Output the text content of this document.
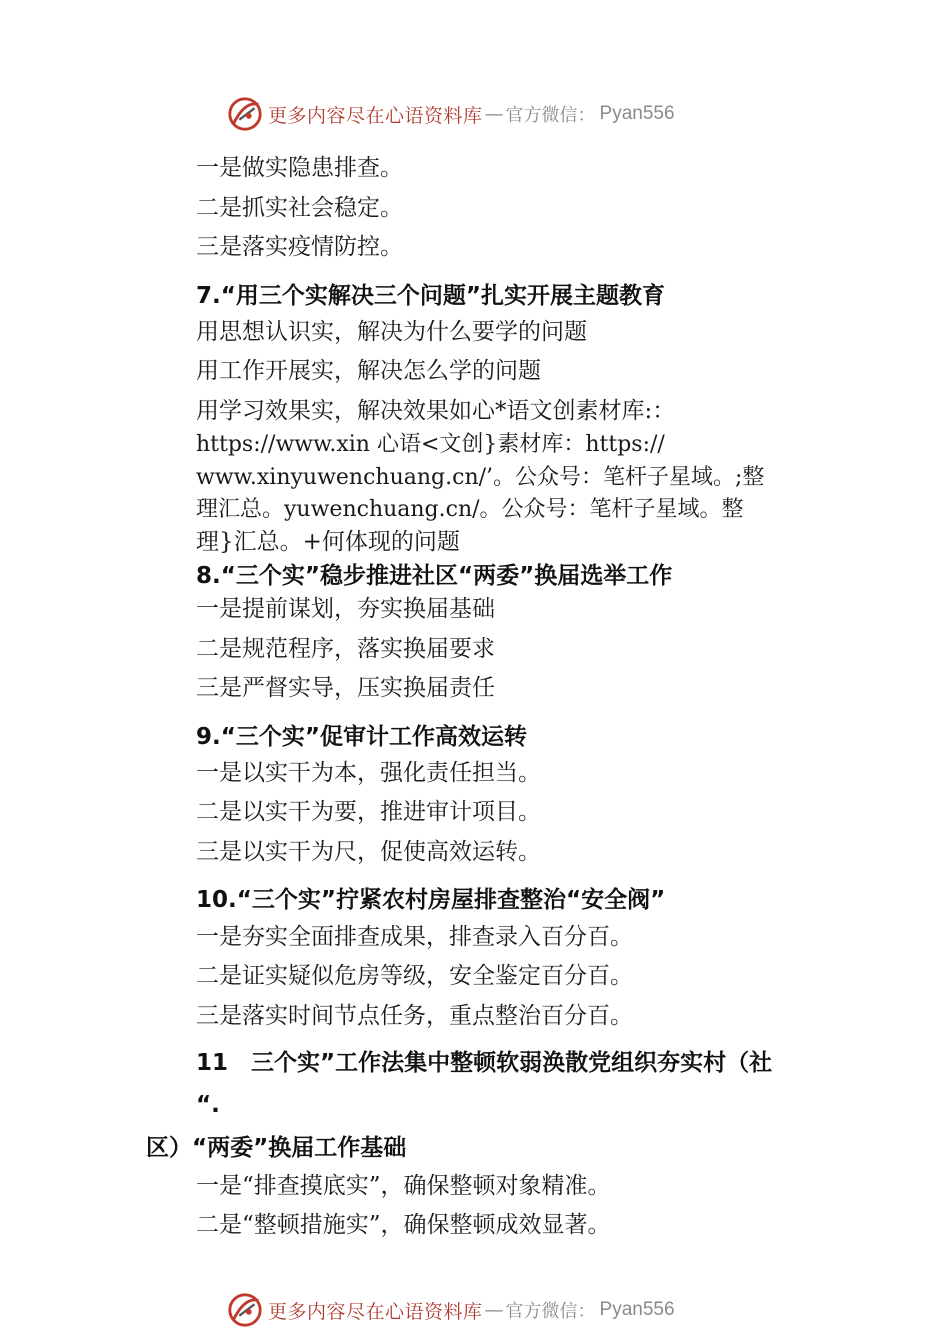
更多内容尽在心语资料库 — 官方微信： Pyan556
一是做实隐患排查。
二是抓实社会稳定。
三是落实疫情防控。
7.“用三个实解决三个问题”扎实开展主题教育
用思想认识实，解决为什么要学的问题
用工作开展实，解决怎么学的问题
用学习效果实，解决效果如心*语文创素材库:：
https://www.xin 心语<文创}素材库：https://
www.xinyuwenchuang.cn/’。公众号：笔杆子星域。;整
理汇总。yuwenchuang.cn/。公众号：笔杆子星域。整
理}汇总。+何体现的问题
8.“三个实”稳步推进社区“两委”换届选举工作
一是提前谋划，夯实换届基础
二是规范程序，落实换届要求
三是严督实导，压实换届责任
9.“三个实”促审计工作高效运转
一是以实干为本，强化责任担当。
二是以实干为要，推进审计项目。
三是以实干为尺，促使高效运转。
10.“三个实”拧紧农村房屋排查整治“安全阀”
一是夯实全面排查成果，排查录入百分百。
二是证实疑似危房等级，安全鉴定百分百。
三是落实时间节点任务，重点整治百分百。
11　三个实”工作法集中整顿软弱涣散党组织夯实村（社
“.
区）“两委”换届工作基础
一是“排查摸底实”，确保整顿对象精准。
二是“整顿措施实”，确保整顿成效显著。
更多内容尽在心语资料库 — 官方微信： Pyan556
